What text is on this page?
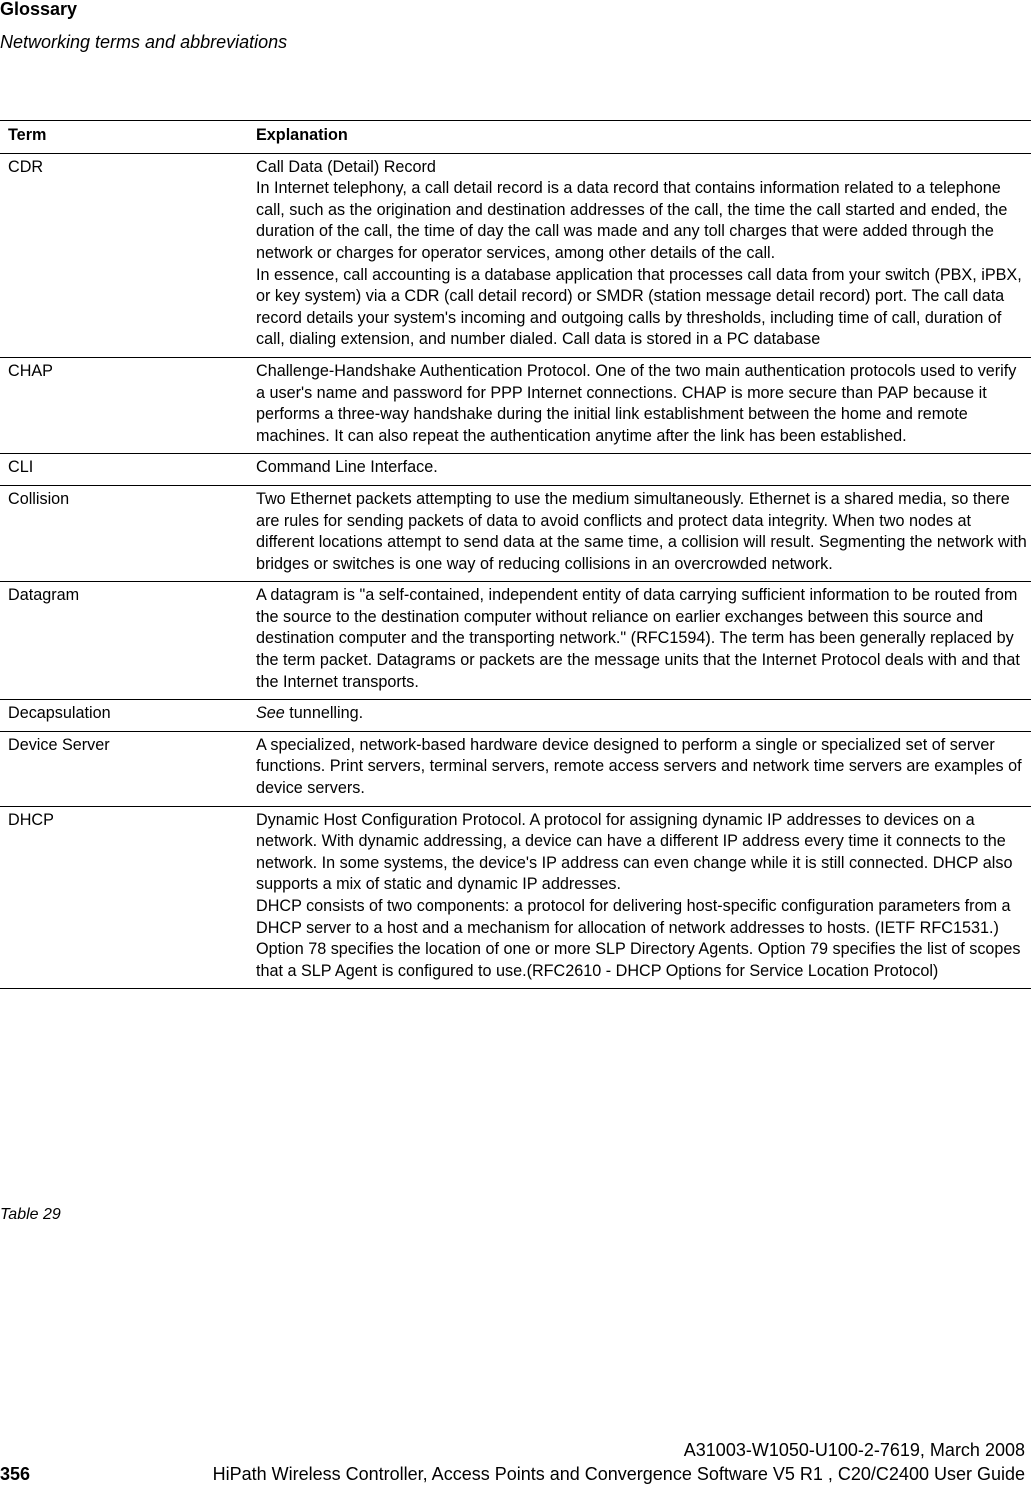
Glossary
Networking terms and abbreviations
Term	Explanation
CDR	Call Data (Detail) Record
In Internet telephony, a call detail record is a data record that contains information related to a telephone call, such as the origination and destination addresses of the call, the time the call started and ended, the duration of the call, the time of day the call was made and any toll charges that were added through the network or charges for operator services, among other details of the call.
In essence, call accounting is a database application that processes call data from your switch (PBX, iPBX, or key system) via a CDR (call detail record) or SMDR (station message detail record) port. The call data record details your system's incoming and outgoing calls by thresholds, including time of call, duration of call, dialing extension, and number dialed. Call data is stored in a PC database

CHAP	Challenge-Handshake Authentication Protocol. One of the two main authentication protocols used to verify a user's name and password for PPP Internet connections. CHAP is more secure than PAP because it performs a three-way handshake during the initial link establishment between the home and remote machines. It can also repeat the authentication anytime after the link has been established.

CLI	Command Line Interface.

Collision	Two Ethernet packets attempting to use the medium simultaneously. Ethernet is a shared media, so there are rules for sending packets of data to avoid conflicts and protect data integrity. When two nodes at different locations attempt to send data at the same time, a collision will result. Segmenting the network with bridges or switches is one way of reducing collisions in an overcrowded network.

Datagram	A datagram is "a self-contained, independent entity of data carrying sufficient information to be routed from the source to the destination computer without reliance on earlier exchanges between this source and destination computer and the transporting network." (RFC1594). The term has been generally replaced by the term packet. Datagrams or packets are the message units that the Internet Protocol deals with and that the Internet transports.

Decapsulation	See tunnelling.

Device Server	A specialized, network-based hardware device designed to perform a single or specialized set of server functions. Print servers, terminal servers, remote access servers and network time servers are examples of device servers.

DHCP	Dynamic Host Configuration Protocol. A protocol for assigning dynamic IP addresses to devices on a network. With dynamic addressing, a device can have a different IP address every time it connects to the network. In some systems, the device's IP address can even change while it is still connected. DHCP also supports a mix of static and dynamic IP addresses.
DHCP consists of two components: a protocol for delivering host-specific configuration parameters from a DHCP server to a host and a mechanism for allocation of network addresses to hosts. (IETF RFC1531.)
Option 78 specifies the location of one or more SLP Directory Agents. Option 79 specifies the list of scopes that a SLP Agent is configured to use.(RFC2610 - DHCP Options for Service Location Protocol)
Table 29
A31003-W1050-U100-2-7619, March 2008
356	HiPath Wireless Controller, Access Points and Convergence Software V5 R1 , C20/C2400 User Guide
